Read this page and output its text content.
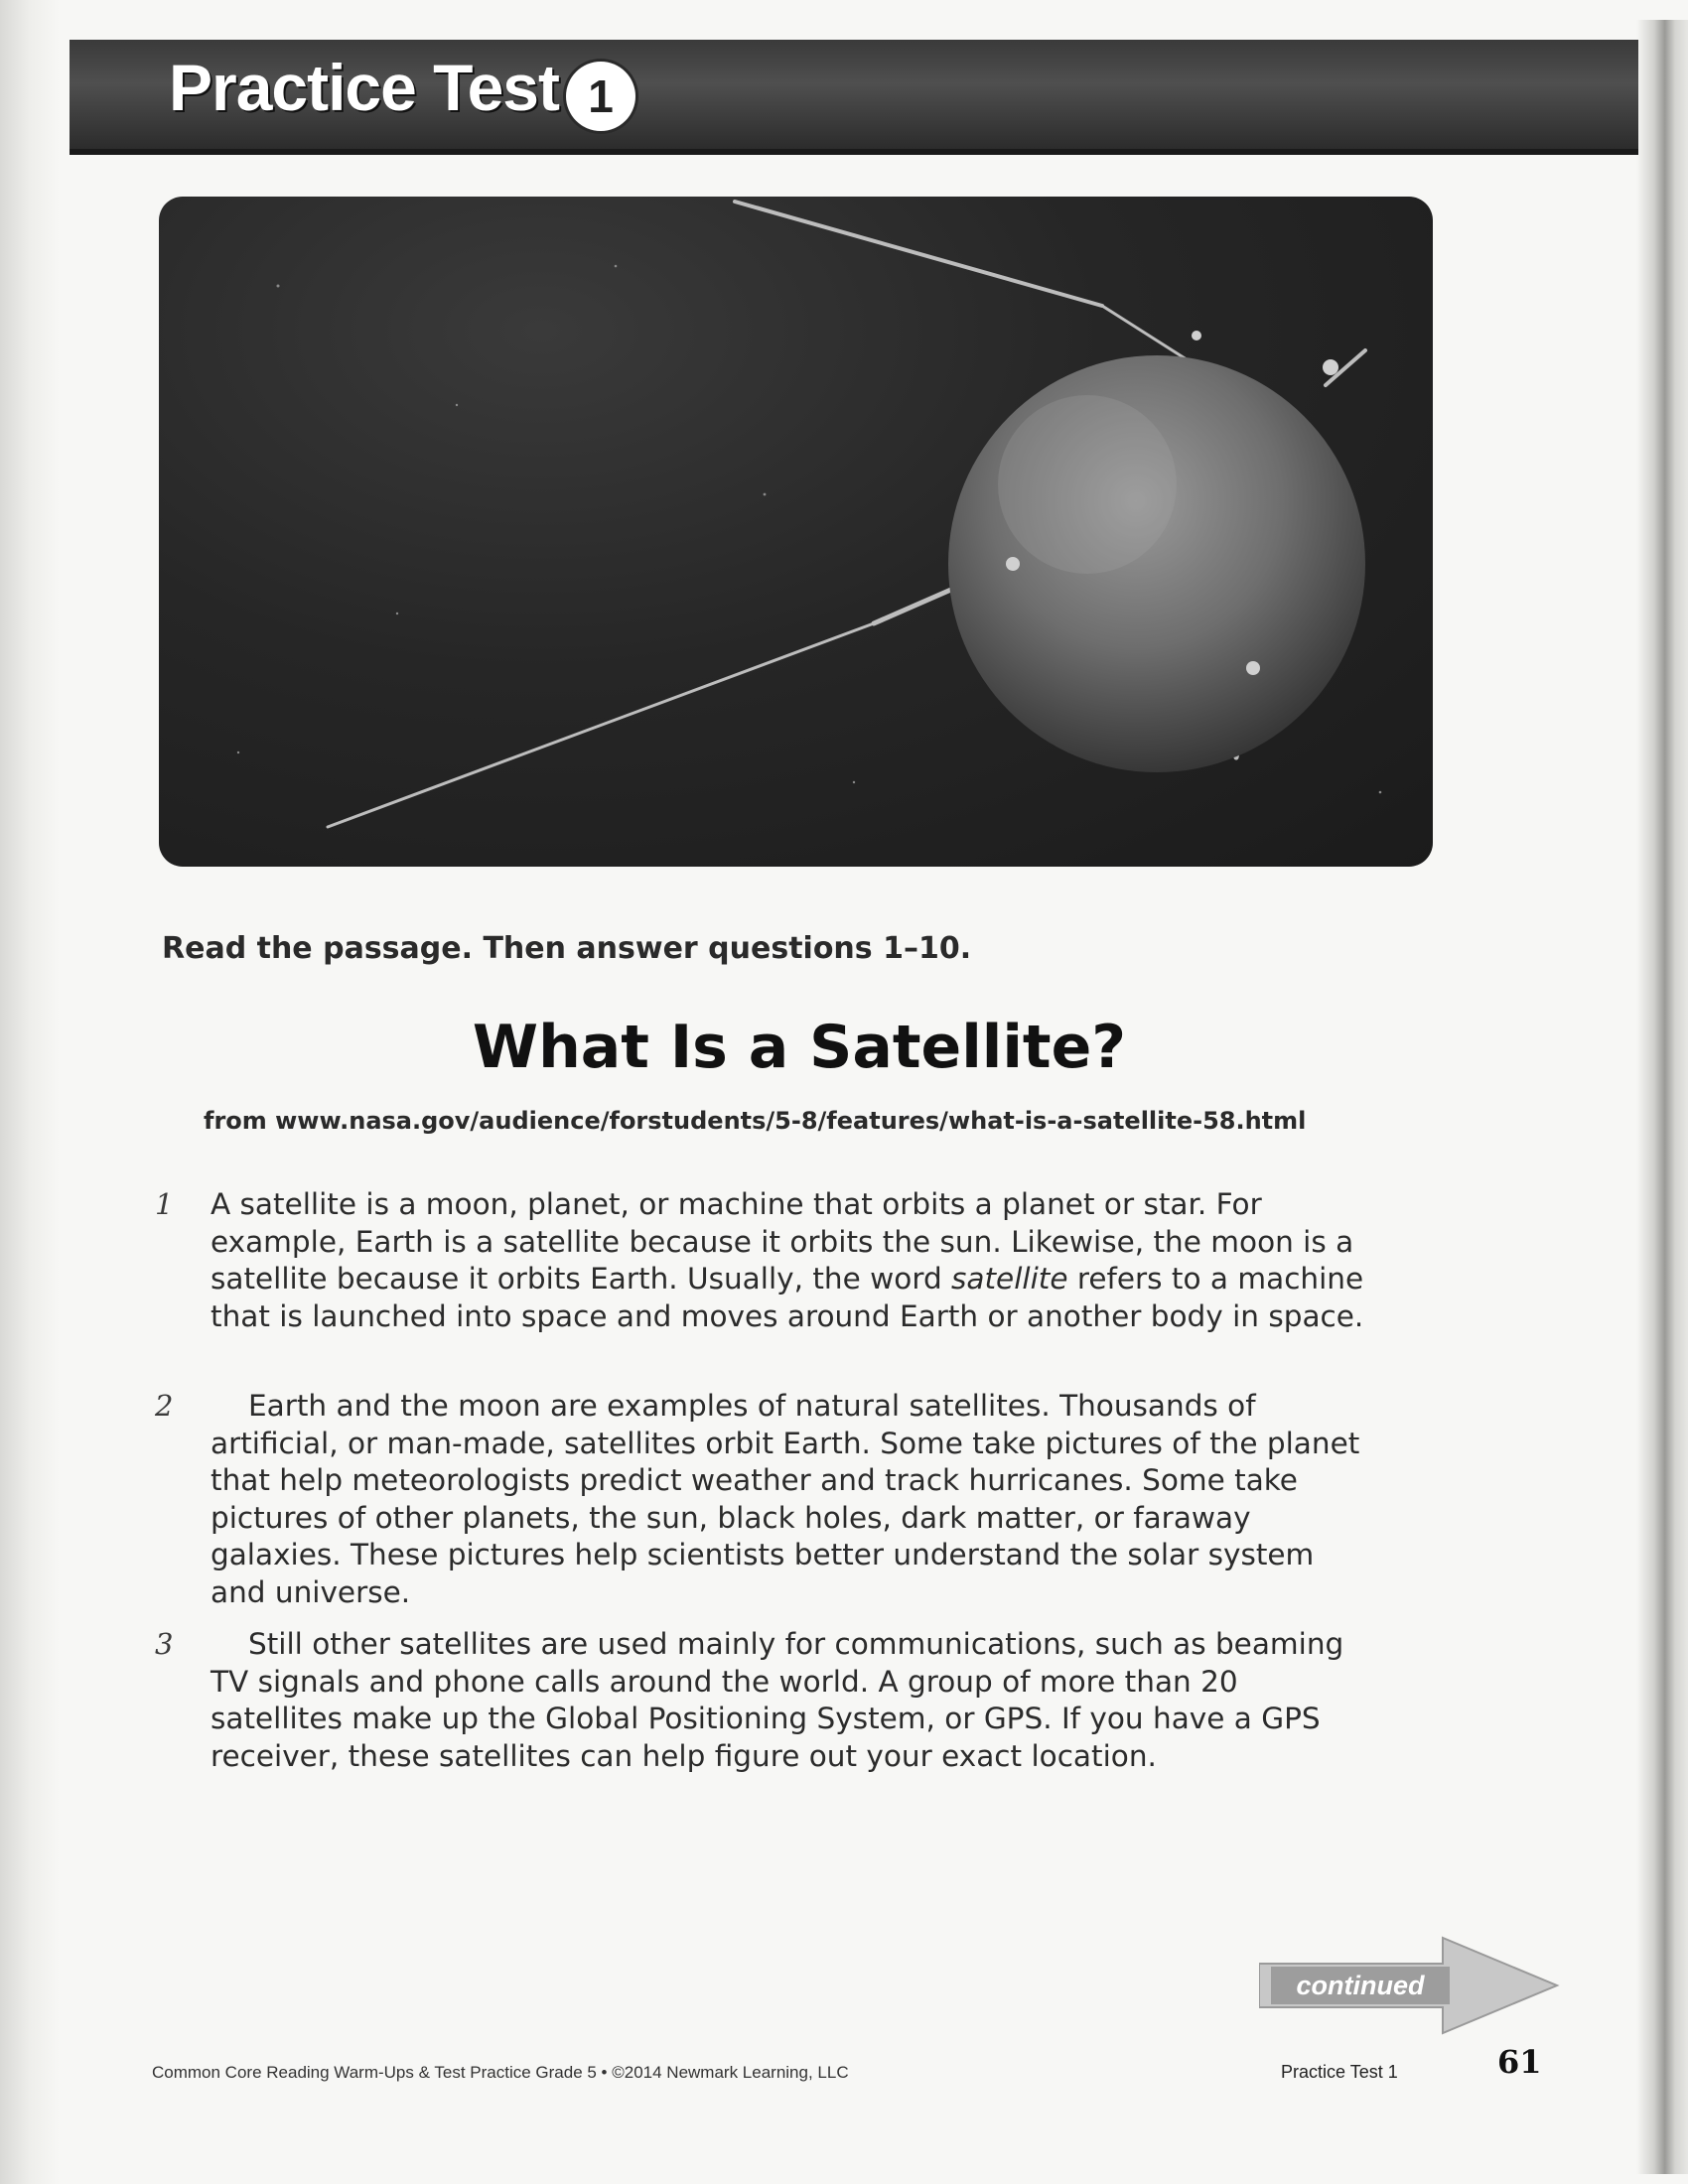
Practice Test 1
Read the passage. Then answer questions 1–10.
What Is a Satellite?
from www.nasa.gov/audience/forstudents/5-8/features/what-is-a-satellite-58.html
1 A satellite is a moon, planet, or machine that orbits a planet or star. For example, Earth is a satellite because it orbits the sun. Likewise, the moon is a satellite because it orbits Earth. Usually, the word satellite refers to a machine that is launched into space and moves around Earth or another body in space.
2	Earth and the moon are examples of natural satellites. Thousands of artificial, or man-made, satellites orbit Earth. Some take pictures of the planet that help meteorologists predict weather and track hurricanes. Some take pictures of other planets, the sun, black holes, dark matter, or faraway galaxies. These pictures help scientists better understand the solar system and universe.
3	Still other satellites are used mainly for communications, such as beaming TV signals and phone calls around the world. A group of more than 20 satellites make up the Global Positioning System, or GPS. If you have a GPS receiver, these satellites can help figure out your exact location.
continued
Common Core Reading Warm-Ups & Test Practice Grade 5 • ©2014 Newmark Learning, LLC	Practice Test 1	61
